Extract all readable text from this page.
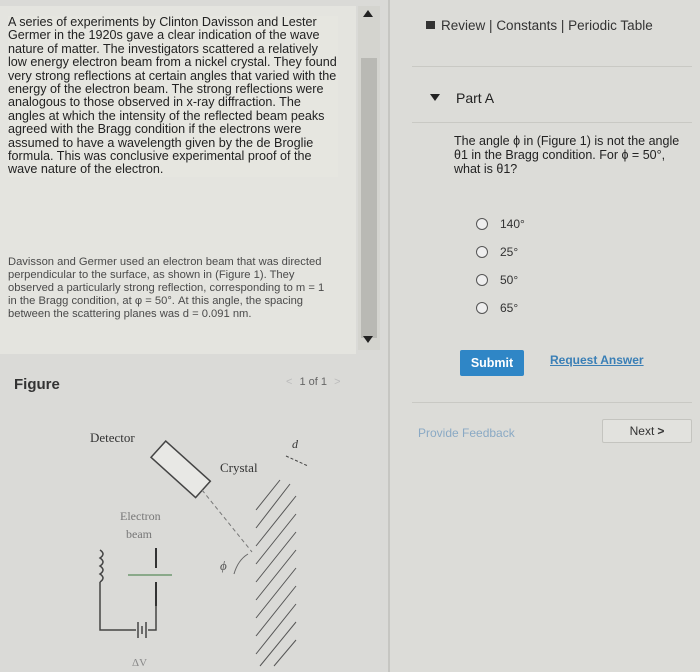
A series of experiments by Clinton Davisson and Lester Germer in the 1920s gave a clear indication of the wave nature of matter. The investigators scattered a relatively low energy electron beam from a nickel crystal. They found very strong reflections at certain angles that varied with the energy of the electron beam. The strong reflections were analogous to those observed in x-ray diffraction. The angles at which the intensity of the reflected beam peaks agreed with the Bragg condition if the electrons were assumed to have a wavelength given by the de Broglie formula. This was conclusive experimental proof of the wave nature of the electron.
Davisson and Germer used an electron beam that was directed perpendicular to the surface, as shown in (Figure 1). They observed a particularly strong reflection, corresponding to m = 1 in the Bragg condition, at φ = 50°. At this angle, the spacing between the scattering planes was d = 0.091 nm.
Figure	< 1 of 1 >
Detector
Crystal
d
Electron
beam
ΔV
ϕ
Review | Constants | Periodic Table
Part A
The angle ϕ in (Figure 1) is not the angle θ1 in the Bragg condition. For ϕ = 50°, what is θ1?
140°
25°
50°
65°
Submit	Request Answer
Provide Feedback	Next >
